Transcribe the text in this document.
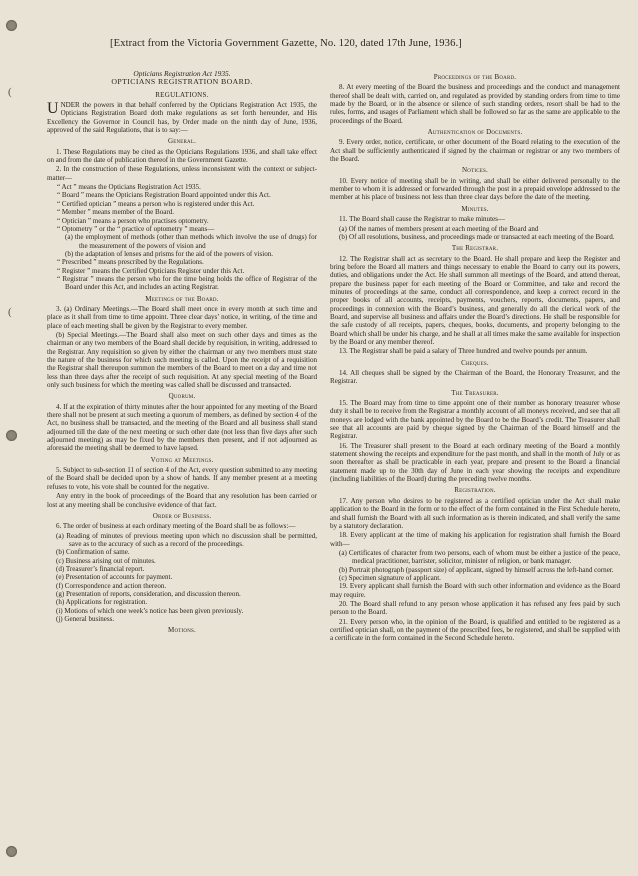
(
(
[Extract from the Victoria Government Gazette, No. 120, dated 17th June, 1936.]
Opticians Registration Act 1935.
OPTICIANS REGISTRATION BOARD.
REGULATIONS.

UNDER the powers in that behalf conferred by the Opticians Registration Act 1935, the Opticians Registration Board doth make regulations as set forth hereunder, and His Excellency the Governor in Council has, by Order made on the ninth day of June, 1936, approved of the said Regulations, that is to say:—

General.

1. These Regulations may be cited as the Opticians Regulations 1936, and shall take effect on and from the date of publication thereof in the Government Gazette.

2. In the construction of these Regulations, unless inconsistent with the context or subject-matter—

“ Act ” means the Opticians Registration Act 1935.
“ Board ” means the Opticians Registration Board appointed under this Act.
“ Certified optician ” means a person who is registered under this Act.
“ Member ” means member of the Board.
“ Optician ” means a person who practises optometry.
“ Optometry ” or the “ practice of optometry ” means—
(a) the employment of methods (other than methods which involve the use of drugs) for the measurement of the powers of vision and
(b) the adaptation of lenses and prisms for the aid of the powers of vision.
“ Prescribed ” means prescribed by the Regulations.
“ Register ” means the Certified Opticians Register under this Act.
“ Registrar ” means the person who for the time being holds the office of Registrar of the Board under this Act, and includes an acting Registrar.
Meetings of the Board.

3. (a) Ordinary Meetings.—The Board shall meet once in every month at such time and place as it shall from time to time appoint. Three clear days’ notice, in writing, of the time and place of each meeting shall be given by the Registrar to every member.

(b) Special Meetings.—The Board shall also meet on such other days and times as the chairman or any two members of the Board shall decide by requisition, in writing, addressed to the Registrar. Any requisition so given by either the chairman or any two members must state the nature of the business for which such meeting is called. Upon the receipt of a requisition the Registrar shall thereupon summon the members of the Board to meet on a day and time not less than three days after the receipt of such requisition. At any special meeting of the Board only such business for which the meeting was called shall be discussed and transacted.

Quorum.

4. If at the expiration of thirty minutes after the hour appointed for any meeting of the Board there shall not be present at such meeting a quorum of members, as defined by section 4 of the Act, no business shall be transacted, and the meeting of the Board and all business shall stand adjourned till the date of the next meeting or such other date (not less than five days after such adjourned meeting) as may be fixed by the members then present, and if not adjourned as aforesaid the meeting shall be deemed to have lapsed.

Voting at Meetings.

5. Subject to sub-section 11 of section 4 of the Act, every question submitted to any meeting of the Board shall be decided upon by a show of hands. If any member present at a meeting refuses to vote, his vote shall be counted for the negative.

Any entry in the book of proceedings of the Board that any resolution has been carried or lost at any meeting shall be conclusive evidence of that fact.

Order of Business.

6. The order of business at each ordinary meeting of the Board shall be as follows:—

(a) Reading of minutes of previous meeting upon which no discussion shall be permitted, save as to the accuracy of such as a record of the proceedings.
(b) Confirmation of same.
(c) Business arising out of minutes.
(d) Treasurer’s financial report.
(e) Presentation of accounts for payment.
(f) Correspondence and action thereon.
(g) Presentation of reports, consideration, and discussion thereon.
(h) Applications for registration.
(i) Motions of which one week’s notice has been given previously.
(j) General business.
Motions.
Proceedings of the Board.

8. At every meeting of the Board the business and proceedings and the conduct and management thereof shall be dealt with, carried on, and regulated as provided by standing orders from time to time made by the Board, or in the absence or silence of such standing orders, resort shall be had to the rules, forms, and usages of Parliament which shall be followed so far as the same are applicable to the proceedings of the Board.

Authentication of Documents.

9. Every order, notice, certificate, or other document of the Board relating to the execution of the Act shall be sufficiently authenticated if signed by the chairman or registrar or any two members of the Board.

Notices.

10. Every notice of meeting shall be in writing, and shall be either delivered personally to the member to whom it is addressed or forwarded through the post in a prepaid envelope addressed to the member at his place of business not less than three clear days before the date of the meeting.

Minutes.

11. The Board shall cause the Registrar to make minutes—

(a) Of the names of members present at each meeting of the Board and
(b) Of all resolutions, business, and proceedings made or transacted at each meeting of the Board.
The Registrar.

12. The Registrar shall act as secretary to the Board. He shall prepare and keep the Register and bring before the Board all matters and things necessary to enable the Board to carry out its powers, duties, and obligations under the Act. He shall summon all meetings of the Board, and attend thereat, prepare the business paper for each meeting of the Board or Committee, and take and record the minutes of proceedings at the same, conduct all correspondence, and keep a correct record in the proper books of all accounts, receipts, payments, vouchers, reports, documents, papers, and proceedings in connexion with the Board’s business, and generally do all the clerical work of the Board, and supervise all business and affairs under the Board’s directions. He shall be responsible for the safe custody of all receipts, papers, cheques, books, documents, and property belonging to the Board which shall be under his charge, and he shall at all times make the same available for inspection by the Board or any member thereof.

13. The Registrar shall be paid a salary of Three hundred and twelve pounds per annum.

Cheques.

14. All cheques shall be signed by the Chairman of the Board, the Honorary Treasurer, and the Registrar.

The Treasurer.

15. The Board may from time to time appoint one of their number as honorary treasurer whose duty it shall be to receive from the Registrar a monthly account of all moneys received, and see that all moneys are lodged with the bank appointed by the Board to be the Board’s credit. The Treasurer shall see that all accounts are paid by cheque signed by the Chairman of the Board himself and the Registrar.

16. The Treasurer shall present to the Board at each ordinary meeting of the Board a monthly statement showing the receipts and expenditure for the past month, and shall in the month of July or as soon thereafter as shall be practicable in each year, prepare and present to the Board a financial statement made up to the 30th day of June in each year showing the receipts and expenditure (including liabilities of the Board) during the preceding twelve months.

Registration.

17. Any person who desires to be registered as a certified optician under the Act shall make application to the Board in the form or to the effect of the form contained in the First Schedule hereto, and shall furnish the Board with all such information as is therein indicated, and shall verify the same by a statutory declaration.

18. Every applicant at the time of making his application for registration shall furnish the Board with—

(a) Certificates of character from two persons, each of whom must be either a justice of the peace, medical practitioner, barrister, solicitor, minister of religion, or bank manager.
(b) Portrait photograph (passport size) of applicant, signed by himself across the left-hand corner.
(c) Specimen signature of applicant.

19. Every applicant shall furnish the Board with such other information and evidence as the Board may require.

20. The Board shall refund to any person whose application it has refused any fees paid by such person to the Board.

21. Every person who, in the opinion of the Board, is qualified and entitled to be registered as a certified optician shall, on the payment of the prescribed fees, be registered, and shall be supplied with a certificate in the form contained in the Second Schedule hereto.
